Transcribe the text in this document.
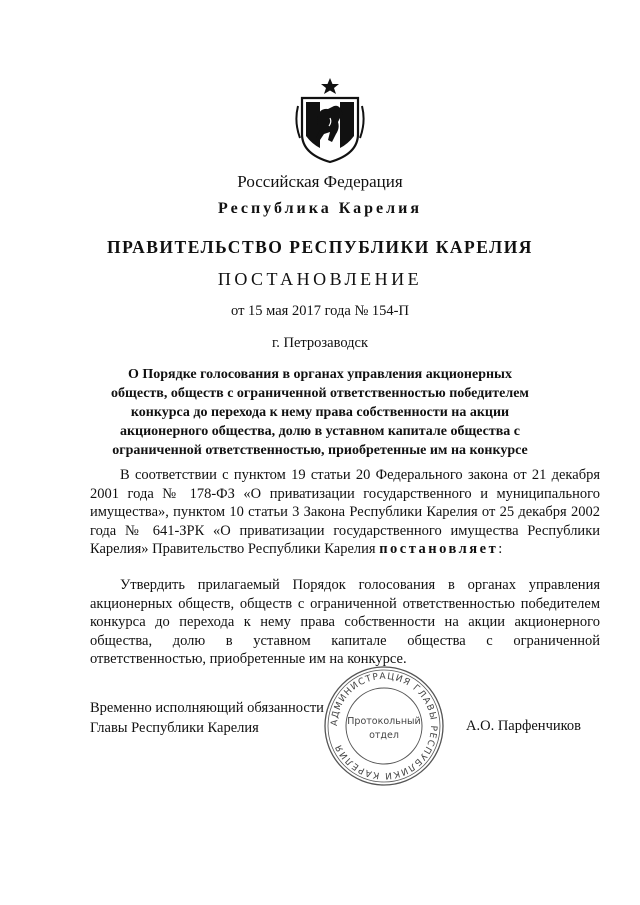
Российская Федерация
Республика Карелия
ПРАВИТЕЛЬСТВО РЕСПУБЛИКИ КАРЕЛИЯ
ПОСТАНОВЛЕНИЕ
от 15 мая 2017 года № 154-П
г. Петрозаводск
О Порядке голосования в органах управления акционерных обществ, обществ с ограниченной ответственностью победителем конкурса до перехода к нему права собственности на акции акционерного общества, долю в уставном капитале общества с ограниченной ответственностью, приобретенные им на конкурсе
В соответствии с пунктом 19 статьи 20 Федерального закона от 21 декабря 2001 года № 178-ФЗ «О приватизации государственного и муниципального имущества», пунктом 10 статьи 3 Закона Республики Карелия от 25 декабря 2002 года № 641-ЗРК «О приватизации государственного имущества Республики Карелия» Правительство Республики Карелия постановляет:
Утвердить прилагаемый Порядок голосования в органах управления акционерных обществ, обществ с ограниченной ответственностью победителем конкурса до перехода к нему права собственности на акции акционерного общества, долю в уставном капитале общества с ограниченной ответственностью, приобретенные им на конкурсе.
Временно исполняющий обязанности
Главы Республики Карелия	А.О. Парфенчиков
АДМИНИСТРАЦИЯ ГЛАВЫ РЕСПУБЛИКИ КАРЕЛИЯ
Протокольный
отдел
